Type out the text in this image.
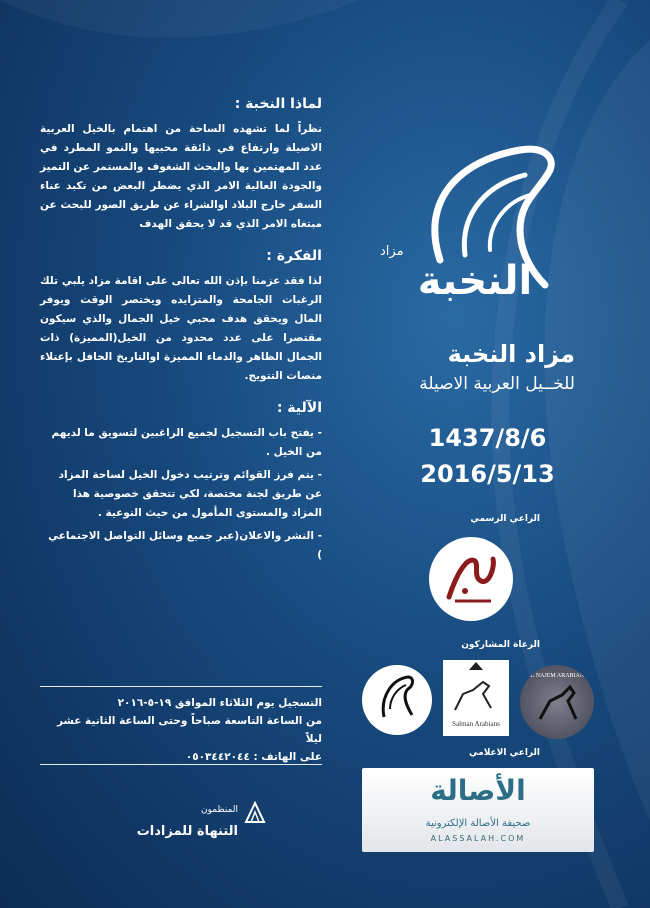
لماذا النخبة :

نظراً لما تشهده الساحة من اهتمام بالخيل العربية الاصيلة وارتفاع في ذائقة محبيها والنمو المطرد في عدد المهتمين بها والبحث الشغوف والمستمر عن التميز والجودة العالية الامر الذي يضطر البعض من تكبد عناء السفر خارج البلاد اوالشراء عن طريق الصور للبحث عن مبتغاه الامر الذي قد لا يحقق الهدف

الفكرة :

لذا فقد عزمنا بإذن الله تعالى على اقامة مزاد يلبي تلك الرغبات الجامحة والمتزايده ويختصر الوقت ويوفر المال ويحقق هدف محبي خيل الجمال والذي سيكون مقتصرا على عدد محدود من الخيل(المميزة) ذات الجمال الظاهر والدماء المميزة اوالتاريخ الحافل بإعتلاء منصات التتويج.

الآلية :
- يفتح باب التسجيل لجميع الراغبين لتسويق ما لديهم من الخيل .
- يتم فرز القوائم وترتيب دخول الخيل لساحة المزاد عن طريق لجنة مختصة، لكي تتحقق خصوصية هذا المزاد والمستوى المأمول من حيث النوعية .
- النشر والاعلان(عبر جميع وسائل التواصل الاجتماعي )
التسجيل يوم الثلاثاء الموافق ١٩-٥-٢٠١٦
من الساعة التاسعة صباحاً وحتى الساعة الثانية عشر ليلاً
على الهاتف : ٠٥٠٣٤٤٢٠٤٤
المنظمون
التنهاة للمزادات
النخبة
مزاد
مزاد النخبة
للخــيل العربية الاصيلة
1437/8/6
2016/5/13
الراعي الرسمي
الرعاة المشاركون
Salman Arabians
AL NAJEM ARABIANS
الراعي الاعلامي
الأصالة
صحيفة الأصالة الإلكترونية
ALASSALAH.COM
